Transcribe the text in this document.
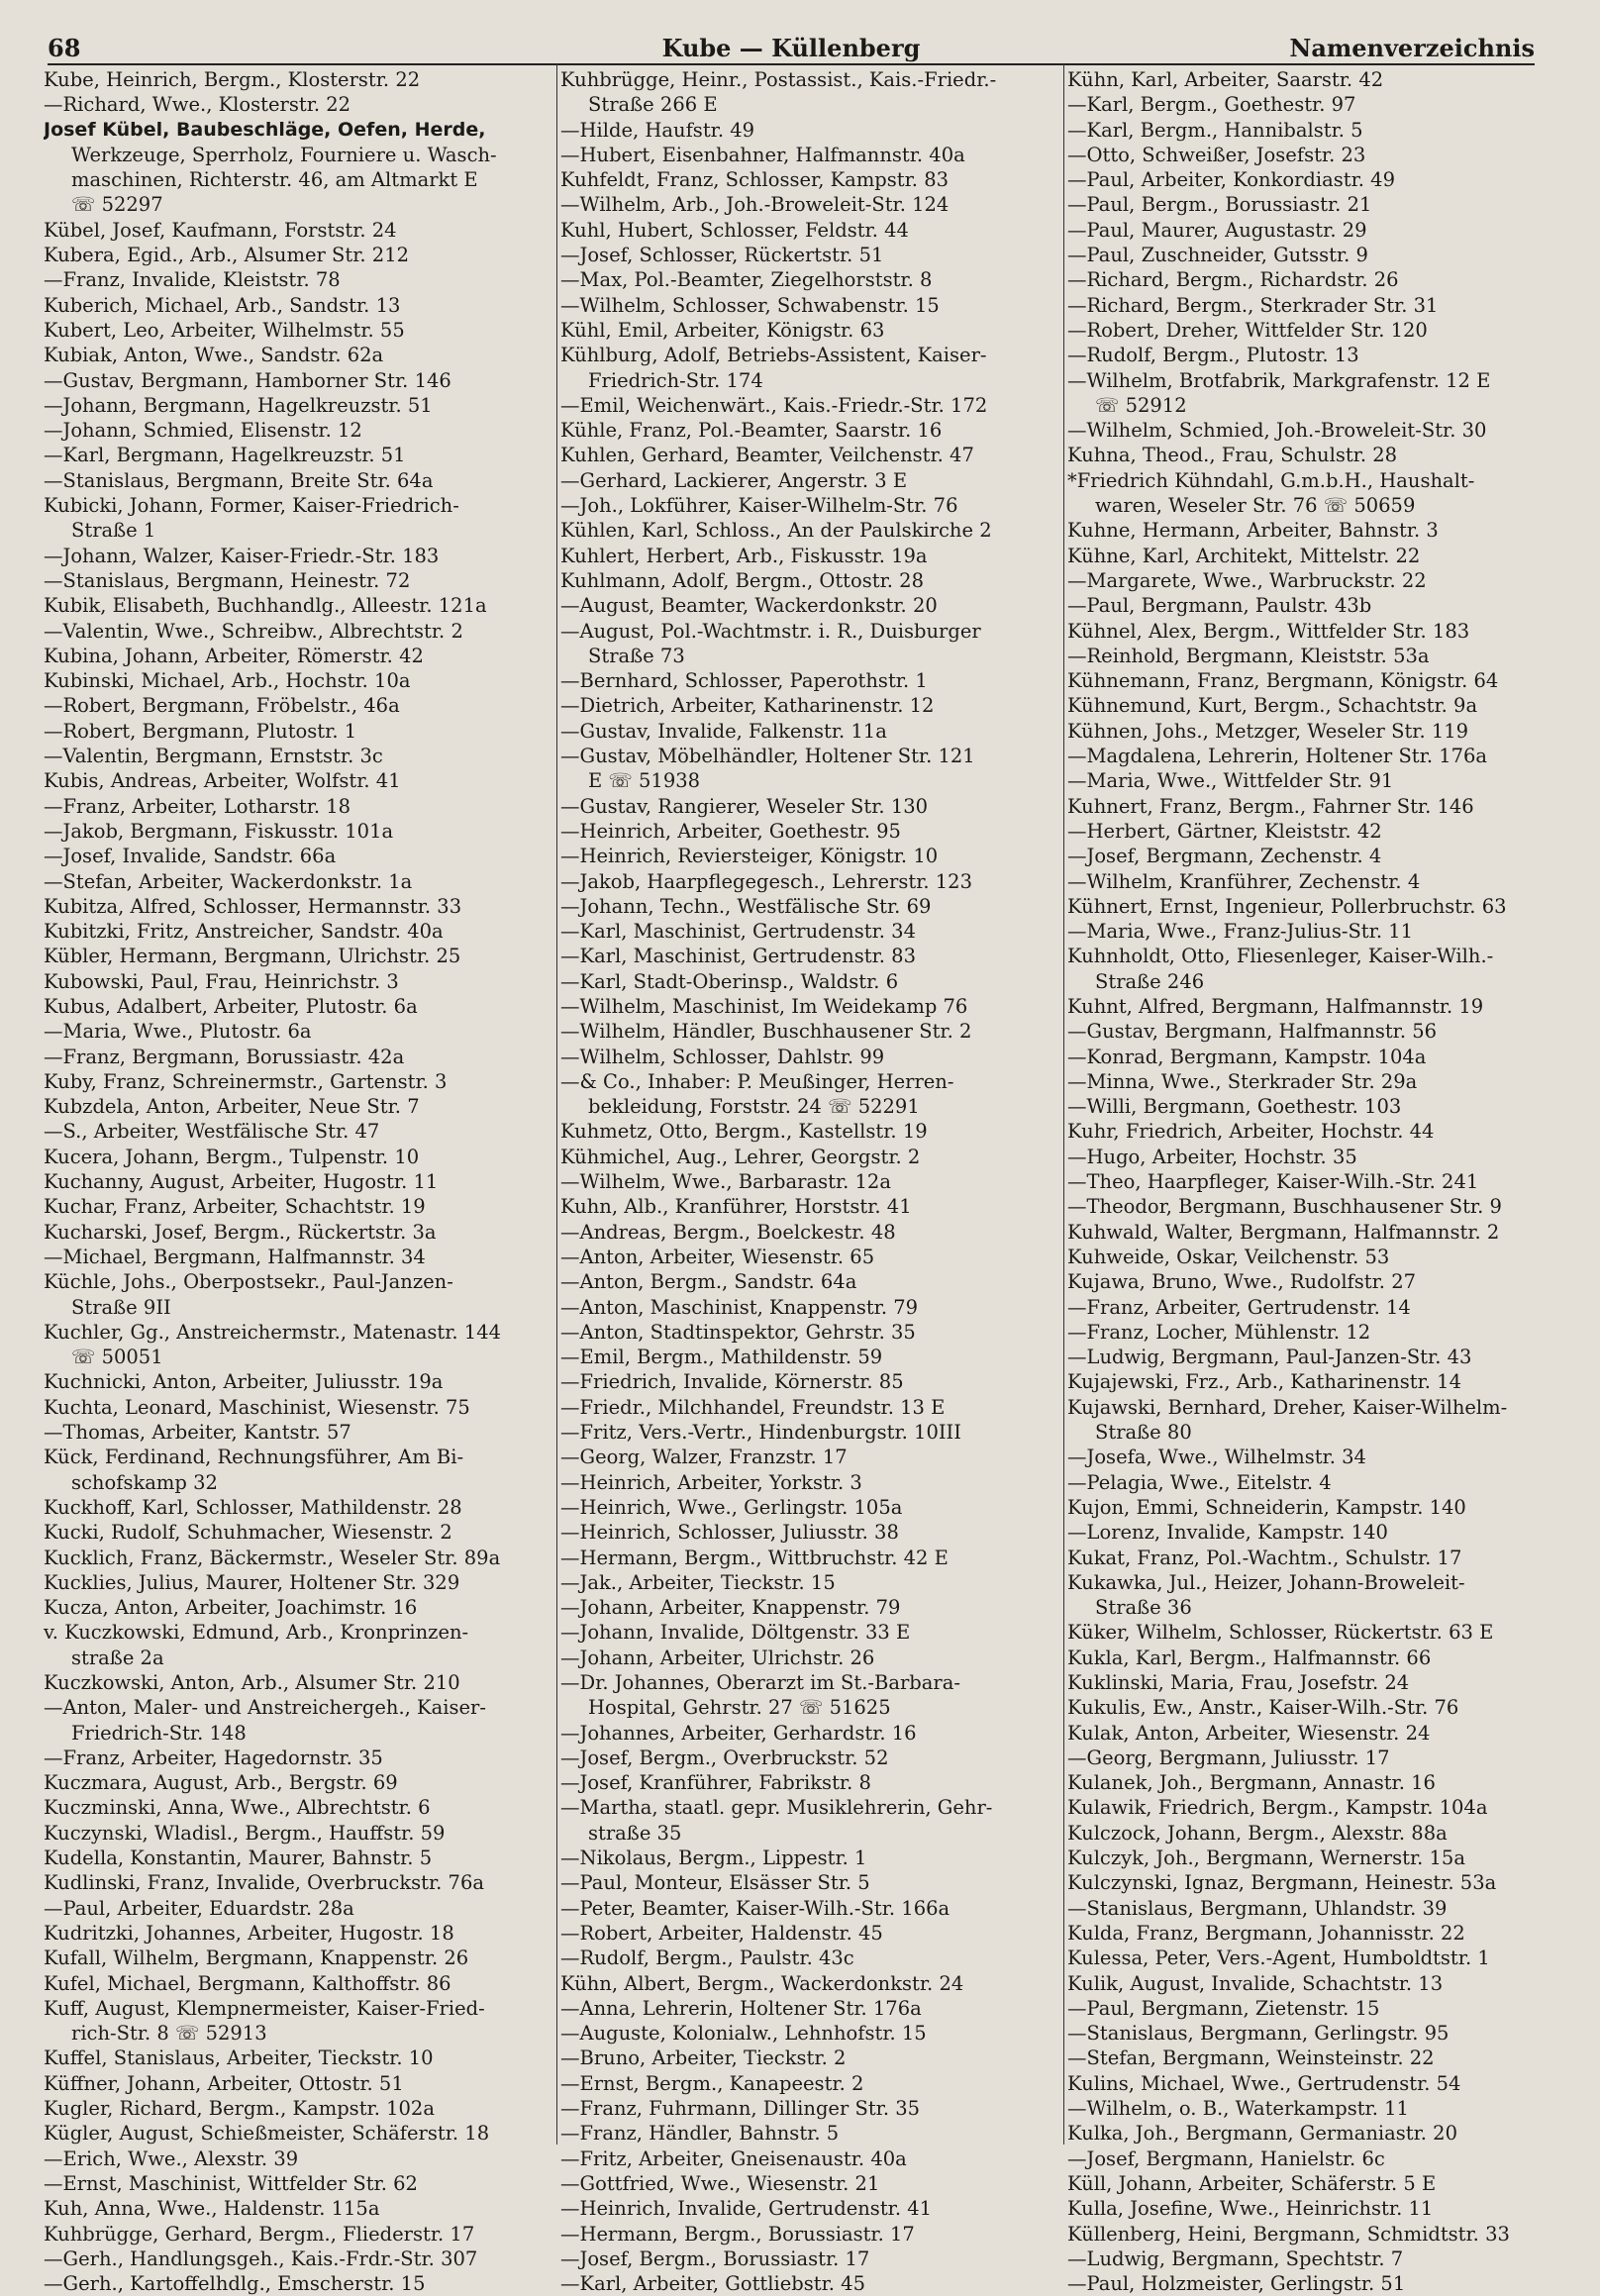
68	Kube — Küllenberg	Namenverzeichnis
Kube, Heinrich, Bergm., Klosterstr. 22
—Richard, Wwe., Klosterstr. 22
Josef Kübel, Baubeschläge, Oefen, Herde,
Werkzeuge, Sperrholz, Fourniere u. Wasch-
maschinen, Richterstr. 46, am Altmarkt E
☏ 52297
Kübel, Josef, Kaufmann, Forststr. 24
Kubera, Egid., Arb., Alsumer Str. 212
—Franz, Invalide, Kleiststr. 78
Kuberich, Michael, Arb., Sandstr. 13
Kubert, Leo, Arbeiter, Wilhelmstr. 55
Kubiak, Anton, Wwe., Sandstr. 62a
—Gustav, Bergmann, Hamborner Str. 146
—Johann, Bergmann, Hagelkreuzstr. 51
—Johann, Schmied, Elisenstr. 12
—Karl, Bergmann, Hagelkreuzstr. 51
—Stanislaus, Bergmann, Breite Str. 64a
Kubicki, Johann, Former, Kaiser-Friedrich-
Straße 1
—Johann, Walzer, Kaiser-Friedr.-Str. 183
—Stanislaus, Bergmann, Heinestr. 72
Kubik, Elisabeth, Buchhandlg., Alleestr. 121a
—Valentin, Wwe., Schreibw., Albrechtstr. 2
Kubina, Johann, Arbeiter, Römerstr. 42
Kubinski, Michael, Arb., Hochstr. 10a
—Robert, Bergmann, Fröbelstr., 46a
—Robert, Bergmann, Plutostr. 1
—Valentin, Bergmann, Ernststr. 3c
Kubis, Andreas, Arbeiter, Wolfstr. 41
—Franz, Arbeiter, Lotharstr. 18
—Jakob, Bergmann, Fiskusstr. 101a
—Josef, Invalide, Sandstr. 66a
—Stefan, Arbeiter, Wackerdonkstr. 1a
Kubitza, Alfred, Schlosser, Hermannstr. 33
Kubitzki, Fritz, Anstreicher, Sandstr. 40a
Kübler, Hermann, Bergmann, Ulrichstr. 25
Kubowski, Paul, Frau, Heinrichstr. 3
Kubus, Adalbert, Arbeiter, Plutostr. 6a
—Maria, Wwe., Plutostr. 6a
—Franz, Bergmann, Borussiastr. 42a
Kuby, Franz, Schreinermstr., Gartenstr. 3
Kubzdela, Anton, Arbeiter, Neue Str. 7
—S., Arbeiter, Westfälische Str. 47
Kucera, Johann, Bergm., Tulpenstr. 10
Kuchanny, August, Arbeiter, Hugostr. 11
Kuchar, Franz, Arbeiter, Schachtstr. 19
Kucharski, Josef, Bergm., Rückertstr. 3a
—Michael, Bergmann, Halfmannstr. 34
Küchle, Johs., Oberpostsekr., Paul-Janzen-
Straße 9II
Kuchler, Gg., Anstreichermstr., Matenastr. 144
☏ 50051
Kuchnicki, Anton, Arbeiter, Juliusstr. 19a
Kuchta, Leonard, Maschinist, Wiesenstr. 75
—Thomas, Arbeiter, Kantstr. 57
Kück, Ferdinand, Rechnungsführer, Am Bi-
schofskamp 32
Kuckhoff, Karl, Schlosser, Mathildenstr. 28
Kucki, Rudolf, Schuhmacher, Wiesenstr. 2
Kucklich, Franz, Bäckermstr., Weseler Str. 89a
Kucklies, Julius, Maurer, Holtener Str. 329
Kucza, Anton, Arbeiter, Joachimstr. 16
v. Kuczkowski, Edmund, Arb., Kronprinzen-
straße 2a
Kuczkowski, Anton, Arb., Alsumer Str. 210
—Anton, Maler- und Anstreichergeh., Kaiser-
Friedrich-Str. 148
—Franz, Arbeiter, Hagedornstr. 35
Kuczmara, August, Arb., Bergstr. 69
Kuczminski, Anna, Wwe., Albrechtstr. 6
Kuczynski, Wladisl., Bergm., Hauffstr. 59
Kudella, Konstantin, Maurer, Bahnstr. 5
Kudlinski, Franz, Invalide, Overbruckstr. 76a
—Paul, Arbeiter, Eduardstr. 28a
Kudritzki, Johannes, Arbeiter, Hugostr. 18
Kufall, Wilhelm, Bergmann, Knappenstr. 26
Kufel, Michael, Bergmann, Kalthoffstr. 86
Kuff, August, Klempnermeister, Kaiser-Fried-
rich-Str. 8 ☏ 52913
Kuffel, Stanislaus, Arbeiter, Tieckstr. 10
Küffner, Johann, Arbeiter, Ottostr. 51
Kugler, Richard, Bergm., Kampstr. 102a
Kügler, August, Schießmeister, Schäferstr. 18
—Erich, Wwe., Alexstr. 39
—Ernst, Maschinist, Wittfelder Str. 62
Kuh, Anna, Wwe., Haldenstr. 115a
Kuhbrügge, Gerhard, Bergm., Fliederstr. 17
—Gerh., Handlungsgeh., Kais.-Frdr.-Str. 307
—Gerh., Kartoffelhdlg., Emscherstr. 15
Kuhbrügge, Heinr., Postassist., Kais.-Friedr.-
Straße 266 E
—Hilde, Haufstr. 49
—Hubert, Eisenbahner, Halfmannstr. 40a
Kuhfeldt, Franz, Schlosser, Kampstr. 83
—Wilhelm, Arb., Joh.-Broweleit-Str. 124
Kuhl, Hubert, Schlosser, Feldstr. 44
—Josef, Schlosser, Rückertstr. 51
—Max, Pol.-Beamter, Ziegelhorststr. 8
—Wilhelm, Schlosser, Schwabenstr. 15
Kühl, Emil, Arbeiter, Königstr. 63
Kühlburg, Adolf, Betriebs-Assistent, Kaiser-
Friedrich-Str. 174
—Emil, Weichenwärt., Kais.-Friedr.-Str. 172
Kühle, Franz, Pol.-Beamter, Saarstr. 16
Kuhlen, Gerhard, Beamter, Veilchenstr. 47
—Gerhard, Lackierer, Angerstr. 3 E
—Joh., Lokführer, Kaiser-Wilhelm-Str. 76
Kühlen, Karl, Schloss., An der Paulskirche 2
Kuhlert, Herbert, Arb., Fiskusstr. 19a
Kuhlmann, Adolf, Bergm., Ottostr. 28
—August, Beamter, Wackerdonkstr. 20
—August, Pol.-Wachtmstr. i. R., Duisburger
Straße 73
—Bernhard, Schlosser, Paperothstr. 1
—Dietrich, Arbeiter, Katharinenstr. 12
—Gustav, Invalide, Falkenstr. 11a
—Gustav, Möbelhändler, Holtener Str. 121
E ☏ 51938
—Gustav, Rangierer, Weseler Str. 130
—Heinrich, Arbeiter, Goethestr. 95
—Heinrich, Reviersteiger, Königstr. 10
—Jakob, Haarpflegegesch., Lehrerstr. 123
—Johann, Techn., Westfälische Str. 69
—Karl, Maschinist, Gertrudenstr. 34
—Karl, Maschinist, Gertrudenstr. 83
—Karl, Stadt-Oberinsp., Waldstr. 6
—Wilhelm, Maschinist, Im Weidekamp 76
—Wilhelm, Händler, Buschhausener Str. 2
—Wilhelm, Schlosser, Dahlstr. 99
—& Co., Inhaber: P. Meußinger, Herren-
bekleidung, Forststr. 24 ☏ 52291
Kuhmetz, Otto, Bergm., Kastellstr. 19
Kühmichel, Aug., Lehrer, Georgstr. 2
—Wilhelm, Wwe., Barbarastr. 12a
Kuhn, Alb., Kranführer, Horststr. 41
—Andreas, Bergm., Boelckestr. 48
—Anton, Arbeiter, Wiesenstr. 65
—Anton, Bergm., Sandstr. 64a
—Anton, Maschinist, Knappenstr. 79
—Anton, Stadtinspektor, Gehrstr. 35
—Emil, Bergm., Mathildenstr. 59
—Friedrich, Invalide, Körnerstr. 85
—Friedr., Milchhandel, Freundstr. 13 E
—Fritz, Vers.-Vertr., Hindenburgstr. 10III
—Georg, Walzer, Franzstr. 17
—Heinrich, Arbeiter, Yorkstr. 3
—Heinrich, Wwe., Gerlingstr. 105a
—Heinrich, Schlosser, Juliusstr. 38
—Hermann, Bergm., Wittbruchstr. 42 E
—Jak., Arbeiter, Tieckstr. 15
—Johann, Arbeiter, Knappenstr. 79
—Johann, Invalide, Döltgenstr. 33 E
—Johann, Arbeiter, Ulrichstr. 26
—Dr. Johannes, Oberarzt im St.-Barbara-
Hospital, Gehrstr. 27 ☏ 51625
—Johannes, Arbeiter, Gerhardstr. 16
—Josef, Bergm., Overbruckstr. 52
—Josef, Kranführer, Fabrikstr. 8
—Martha, staatl. gepr. Musiklehrerin, Gehr-
straße 35
—Nikolaus, Bergm., Lippestr. 1
—Paul, Monteur, Elsässer Str. 5
—Peter, Beamter, Kaiser-Wilh.-Str. 166a
—Robert, Arbeiter, Haldenstr. 45
—Rudolf, Bergm., Paulstr. 43c
Kühn, Albert, Bergm., Wackerdonkstr. 24
—Anna, Lehrerin, Holtener Str. 176a
—Auguste, Kolonialw., Lehnhofstr. 15
—Bruno, Arbeiter, Tieckstr. 2
—Ernst, Bergm., Kanapeestr. 2
—Franz, Fuhrmann, Dillinger Str. 35
—Franz, Händler, Bahnstr. 5
—Fritz, Arbeiter, Gneisenaustr. 40a
—Gottfried, Wwe., Wiesenstr. 21
—Heinrich, Invalide, Gertrudenstr. 41
—Hermann, Bergm., Borussiastr. 17
—Josef, Bergm., Borussiastr. 17
—Karl, Arbeiter, Gottliebstr. 45
Kühn, Karl, Arbeiter, Saarstr. 42
—Karl, Bergm., Goethestr. 97
—Karl, Bergm., Hannibalstr. 5
—Otto, Schweißer, Josefstr. 23
—Paul, Arbeiter, Konkordiastr. 49
—Paul, Bergm., Borussiastr. 21
—Paul, Maurer, Augustastr. 29
—Paul, Zuschneider, Gutsstr. 9
—Richard, Bergm., Richardstr. 26
—Richard, Bergm., Sterkrader Str. 31
—Robert, Dreher, Wittfelder Str. 120
—Rudolf, Bergm., Plutostr. 13
—Wilhelm, Brotfabrik, Markgrafenstr. 12 E
☏ 52912
—Wilhelm, Schmied, Joh.-Broweleit-Str. 30
Kuhna, Theod., Frau, Schulstr. 28
*Friedrich Kühndahl, G.m.b.H., Haushalt-
waren, Weseler Str. 76 ☏ 50659
Kuhne, Hermann, Arbeiter, Bahnstr. 3
Kühne, Karl, Architekt, Mittelstr. 22
—Margarete, Wwe., Warbruckstr. 22
—Paul, Bergmann, Paulstr. 43b
Kühnel, Alex, Bergm., Wittfelder Str. 183
—Reinhold, Bergmann, Kleiststr. 53a
Kühnemann, Franz, Bergmann, Königstr. 64
Kühnemund, Kurt, Bergm., Schachtstr. 9a
Kühnen, Johs., Metzger, Weseler Str. 119
—Magdalena, Lehrerin, Holtener Str. 176a
—Maria, Wwe., Wittfelder Str. 91
Kuhnert, Franz, Bergm., Fahrner Str. 146
—Herbert, Gärtner, Kleiststr. 42
—Josef, Bergmann, Zechenstr. 4
—Wilhelm, Kranführer, Zechenstr. 4
Kühnert, Ernst, Ingenieur, Pollerbruchstr. 63
—Maria, Wwe., Franz-Julius-Str. 11
Kuhnholdt, Otto, Fliesenleger, Kaiser-Wilh.-
Straße 246
Kuhnt, Alfred, Bergmann, Halfmannstr. 19
—Gustav, Bergmann, Halfmannstr. 56
—Konrad, Bergmann, Kampstr. 104a
—Minna, Wwe., Sterkrader Str. 29a
—Willi, Bergmann, Goethestr. 103
Kuhr, Friedrich, Arbeiter, Hochstr. 44
—Hugo, Arbeiter, Hochstr. 35
—Theo, Haarpfleger, Kaiser-Wilh.-Str. 241
—Theodor, Bergmann, Buschhausener Str. 9
Kuhwald, Walter, Bergmann, Halfmannstr. 2
Kuhweide, Oskar, Veilchenstr. 53
Kujawa, Bruno, Wwe., Rudolfstr. 27
—Franz, Arbeiter, Gertrudenstr. 14
—Franz, Locher, Mühlenstr. 12
—Ludwig, Bergmann, Paul-Janzen-Str. 43
Kujajewski, Frz., Arb., Katharinenstr. 14
Kujawski, Bernhard, Dreher, Kaiser-Wilhelm-
Straße 80
—Josefa, Wwe., Wilhelmstr. 34
—Pelagia, Wwe., Eitelstr. 4
Kujon, Emmi, Schneiderin, Kampstr. 140
—Lorenz, Invalide, Kampstr. 140
Kukat, Franz, Pol.-Wachtm., Schulstr. 17
Kukawka, Jul., Heizer, Johann-Broweleit-
Straße 36
Küker, Wilhelm, Schlosser, Rückertstr. 63 E
Kukla, Karl, Bergm., Halfmannstr. 66
Kuklinski, Maria, Frau, Josefstr. 24
Kukulis, Ew., Anstr., Kaiser-Wilh.-Str. 76
Kulak, Anton, Arbeiter, Wiesenstr. 24
—Georg, Bergmann, Juliusstr. 17
Kulanek, Joh., Bergmann, Annastr. 16
Kulawik, Friedrich, Bergm., Kampstr. 104a
Kulczock, Johann, Bergm., Alexstr. 88a
Kulczyk, Joh., Bergmann, Wernerstr. 15a
Kulczynski, Ignaz, Bergmann, Heinestr. 53a
—Stanislaus, Bergmann, Uhlandstr. 39
Kulda, Franz, Bergmann, Johannisstr. 22
Kulessa, Peter, Vers.-Agent, Humboldtstr. 1
Kulik, August, Invalide, Schachtstr. 13
—Paul, Bergmann, Zietenstr. 15
—Stanislaus, Bergmann, Gerlingstr. 95
—Stefan, Bergmann, Weinsteinstr. 22
Kulins, Michael, Wwe., Gertrudenstr. 54
—Wilhelm, o. B., Waterkampstr. 11
Kulka, Joh., Bergmann, Germaniastr. 20
—Josef, Bergmann, Hanielstr. 6c
Küll, Johann, Arbeiter, Schäferstr. 5 E
Kulla, Josefine, Wwe., Heinrichstr. 11
Küllenberg, Heini, Bergmann, Schmidtstr. 33
—Ludwig, Bergmann, Spechtstr. 7
—Paul, Holzmeister, Gerlingstr. 51
